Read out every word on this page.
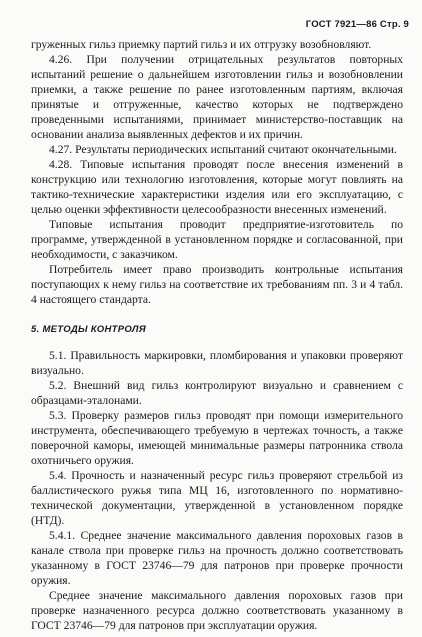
ГОСТ 7921—86 Стр. 9

груженных гильз приемку партий гильз и их отгрузку возобновляют.

4.26. При получении отрицательных результатов повторных испытаний решение о дальнейшем изготовлении гильз и возобновлении приемки, а также решение по ранее изготовленным партиям, включая принятые и отгруженные, качество которых не подтверждено проведенными испытаниями, принимает министерство-поставщик на основании анализа выявленных дефектов и их причин.

4.27. Результаты периодических испытаний считают окончательными.

4.28. Типовые испытания проводят после внесения изменений в конструкцию или технологию изготовления, которые могут повлиять на тактико-технические характеристики изделия или его эксплуатацию, с целью оценки эффективности целесообразности внесенных изменений.

Типовые испытания проводит предприятие-изготовитель по программе, утвержденной в установленном порядке и согласованной, при необходимости, с заказчиком.

Потребитель имеет право производить контрольные испытания поступающих к нему гильз на соответствие их требованиям пп. 3 и 4 табл. 4 настоящего стандарта.

5. МЕТОДЫ КОНТРОЛЯ

5.1. Правильность маркировки, пломбирования и упаковки проверяют визуально.

5.2. Внешний вид гильз контролируют визуально и сравнением с образцами-эталонами.

5.3. Проверку размеров гильз проводят при помощи измерительного инструмента, обеспечивающего требуемую в чертежах точность, а также поверочной каморы, имеющей минимальные размеры патронника ствола охотничьего оружия.

5.4. Прочность и назначенный ресурс гильз проверяют стрельбой из баллистического ружья типа МЦ 16, изготовленного по нормативно-технической документации, утвержденной в установленном порядке (НТД).

5.4.1. Среднее значение максимального давления пороховых газов в канале ствола при проверке гильз на прочность должно соответствовать указанному в ГОСТ 23746—79 для патронов при проверке прочности оружия.

Среднее значение максимального давления пороховых газов при проверке назначенного ресурса должно соответствовать указанному в ГОСТ 23746—79 для патронов при эксплуатации оружия.
